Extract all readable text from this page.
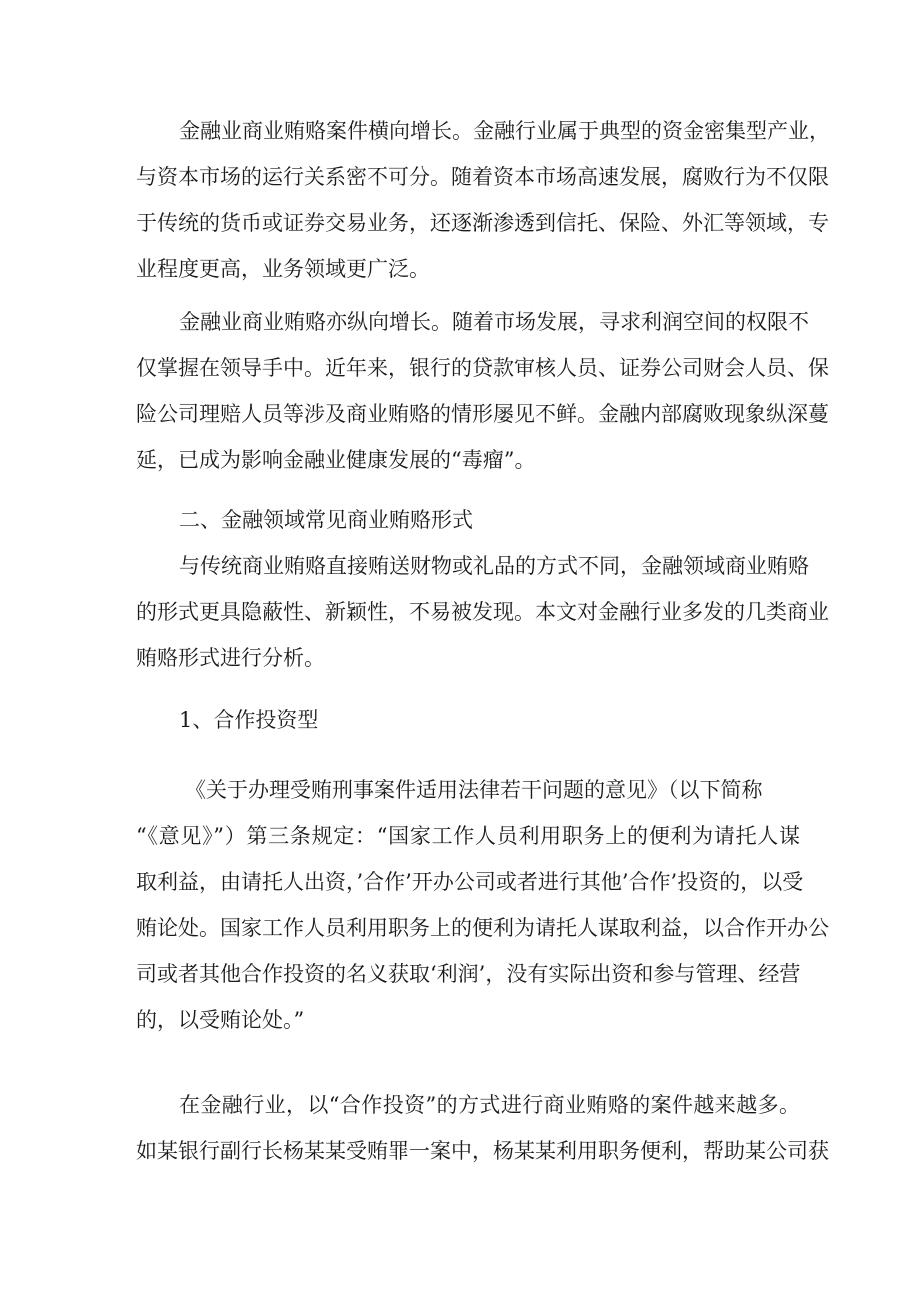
金融业商业贿赂案件横向增长。金融行业属于典型的资金密集型产业，
与资本市场的运行关系密不可分。随着资本市场高速发展，腐败行为不仅限
于传统的货币或证券交易业务，还逐渐渗透到信托、保险、外汇等领域，专
业程度更高，业务领域更广泛。
金融业商业贿赂亦纵向增长。随着市场发展，寻求利润空间的权限不
仅掌握在领导手中。近年来，银行的贷款审核人员、证券公司财会人员、保
险公司理赔人员等涉及商业贿赂的情形屡见不鲜。金融内部腐败现象纵深蔓
延，已成为影响金融业健康发展的“毒瘤”。
二、金融领域常见商业贿赂形式
与传统商业贿赂直接贿送财物或礼品的方式不同，金融领域商业贿赂
的形式更具隐蔽性、新颖性，不易被发现。本文对金融行业多发的几类商业
贿赂形式进行分析。
1、合作投资型
《关于办理受贿刑事案件适用法律若干问题的意见》（以下简称
“《意见》”）第三条规定：“国家工作人员利用职务上的便利为请托人谋
取利益，由请托人出资，’合作’开办公司或者进行其他’合作’投资的，以受
贿论处。国家工作人员利用职务上的便利为请托人谋取利益，以合作开办公
司或者其他合作投资的名义获取‘利润’，没有实际出资和参与管理、经营
的，以受贿论处。”
在金融行业，以“合作投资”的方式进行商业贿赂的案件越来越多。
如某银行副行长杨某某受贿罪一案中，杨某某利用职务便利，帮助某公司获
